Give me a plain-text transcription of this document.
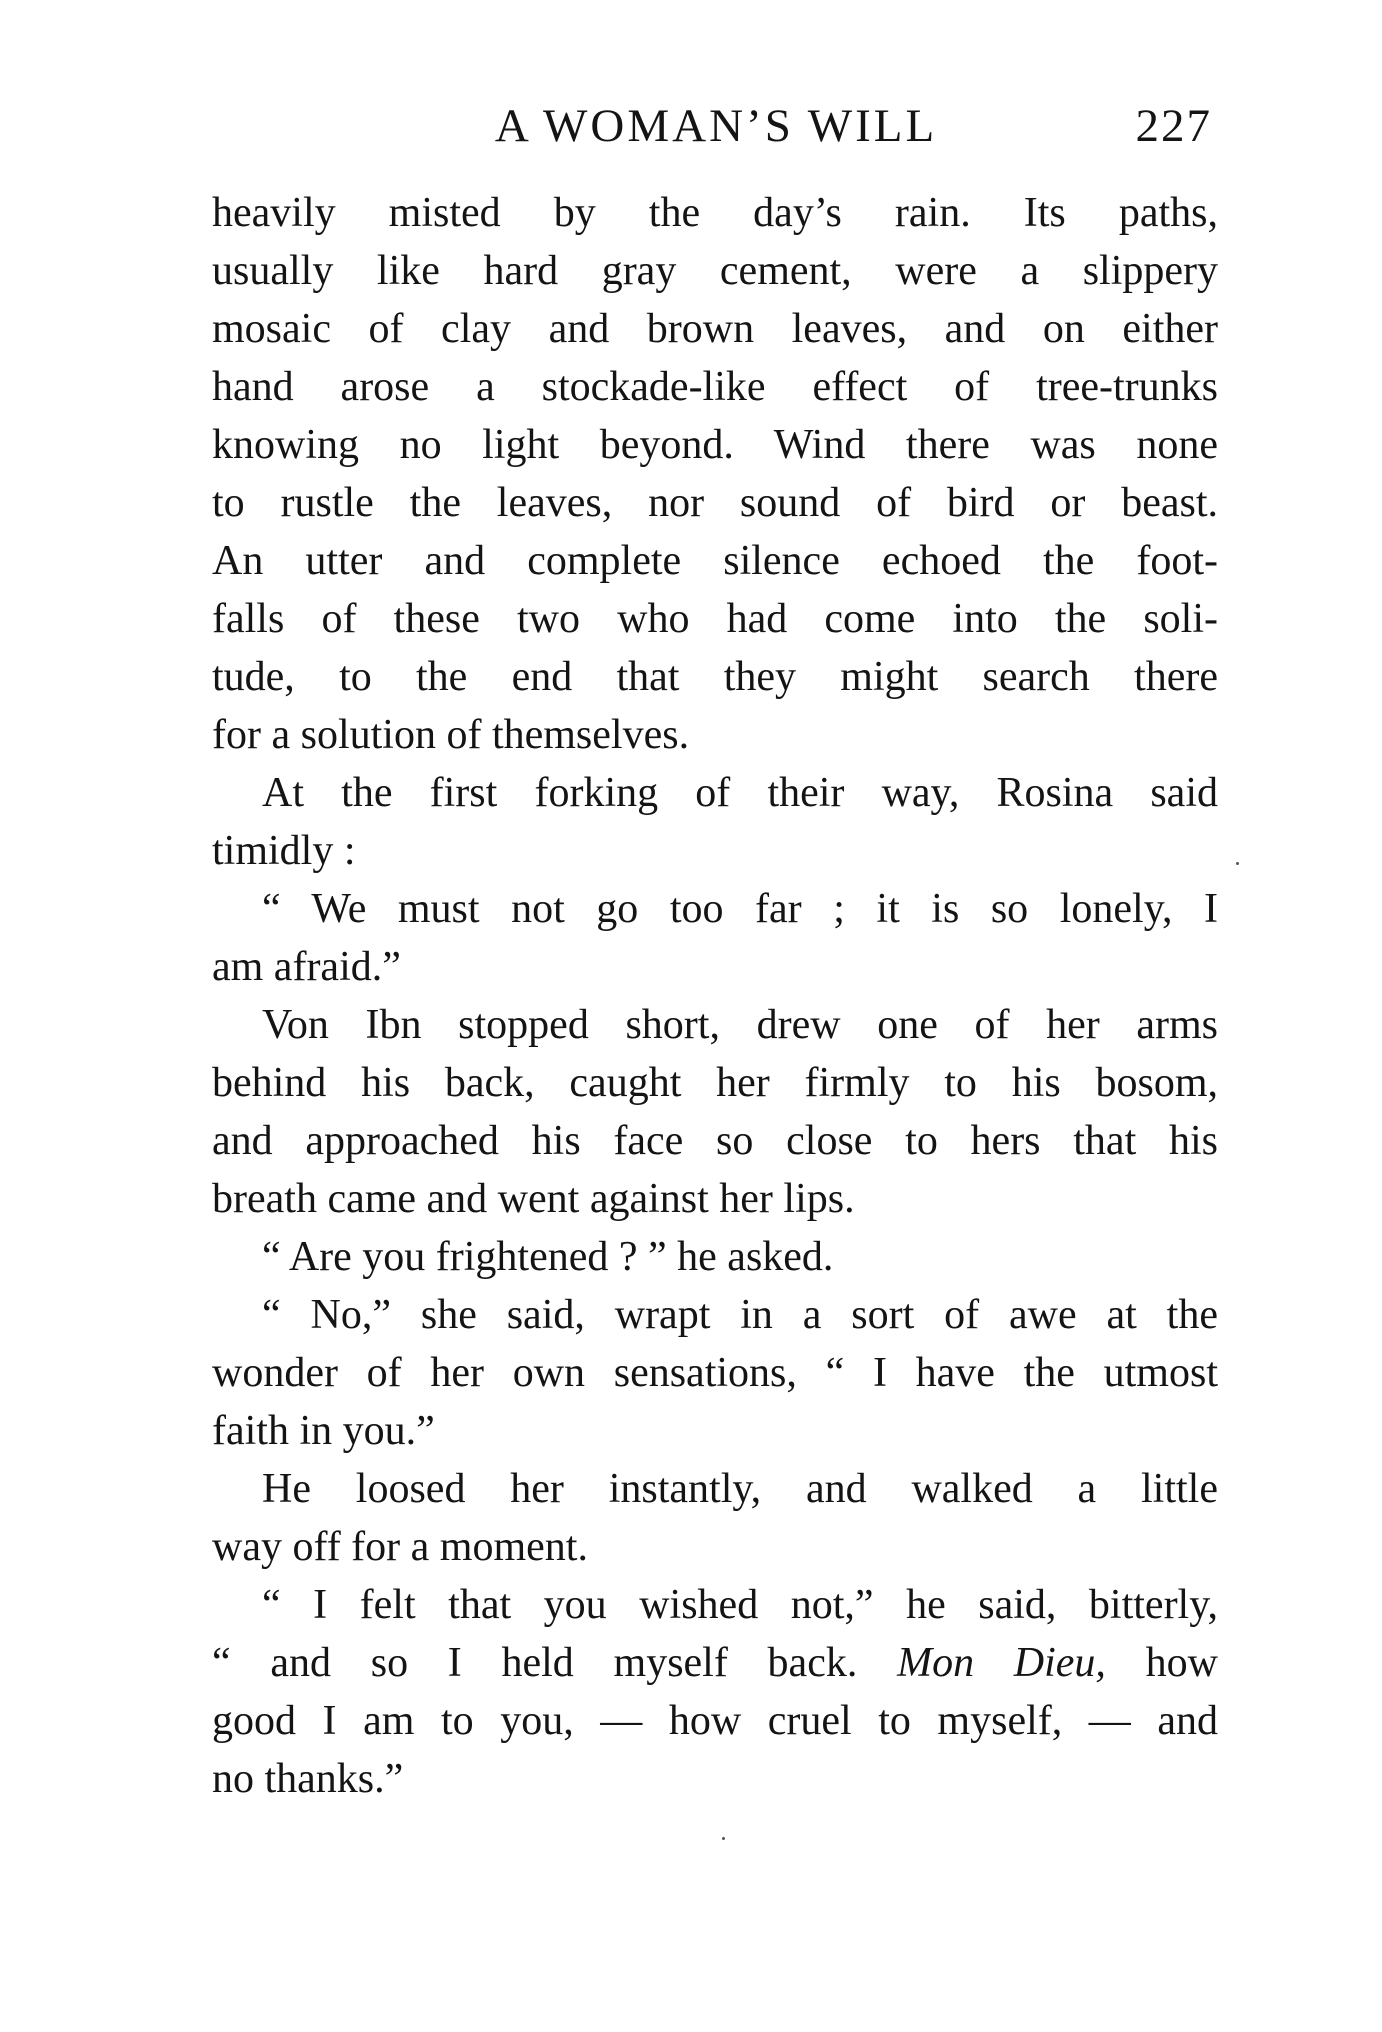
A WOMAN’S WILL	227
heavily misted by the day’s rain. Its paths,
usually like hard gray cement, were a slippery
mosaic of clay and brown leaves, and on either
hand arose a stockade-like effect of tree-trunks
knowing no light beyond. Wind there was none
to rustle the leaves, nor sound of bird or beast.
An utter and complete silence echoed the foot-
falls of these two who had come into the soli-
tude, to the end that they might search there
for a solution of themselves.
At the first forking of their way, Rosina said
timidly :
“ We must not go too far ; it is so lonely, I
am afraid.”
Von Ibn stopped short, drew one of her arms
behind his back, caught her firmly to his bosom,
and approached his face so close to hers that his
breath came and went against her lips.
“ Are you frightened ? ” he asked.
“ No,” she said, wrapt in a sort of awe at the
wonder of her own sensations, “ I have the utmost
faith in you.”
He loosed her instantly, and walked a little
way off for a moment.
“ I felt that you wished not,” he said, bitterly,
“ and so I held myself back. Mon Dieu, how
good I am to you, — how cruel to myself, — and
no thanks.”
